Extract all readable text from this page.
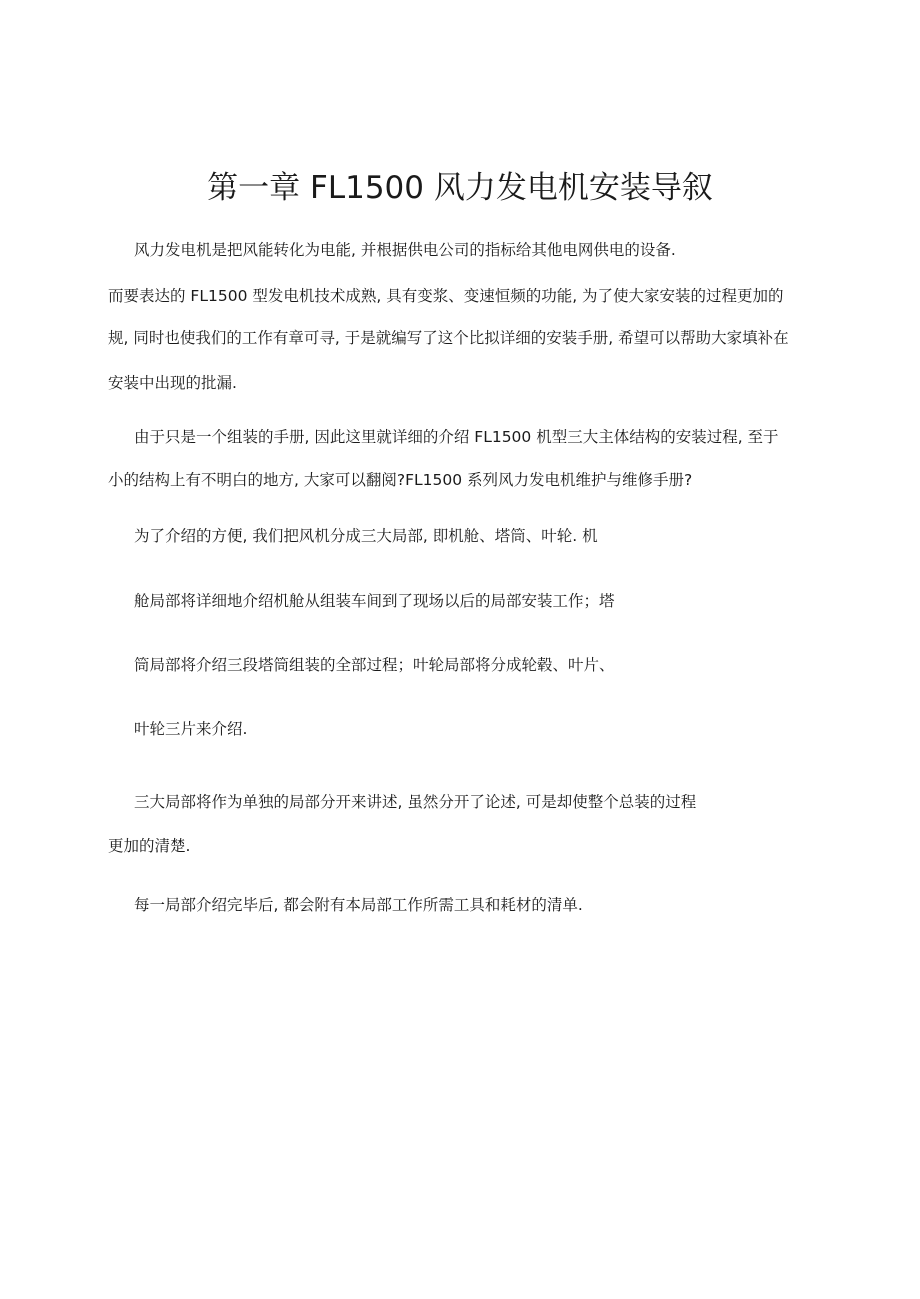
第一章 FL1500 风力发电机安装导叙

风力发电机是把风能转化为电能, 并根据供电公司的指标给其他电网供电的设备.

而要表达的 FL1500 型发电机技术成熟, 具有变浆、变速恒频的功能, 为了使大家安装的过程更加的

规, 同时也使我们的工作有章可寻, 于是就编写了这个比拟详细的安装手册, 希望可以帮助大家填补在

安装中出现的批漏.

由于只是一个组装的手册, 因此这里就详细的介绍 FL1500 机型三大主体结构的安装过程, 至于

小的结构上有不明白的地方, 大家可以翻阅?FL1500 系列风力发电机维护与维修手册?

为了介绍的方便, 我们把风机分成三大局部, 即机舱、塔筒、叶轮. 机

舱局部将详细地介绍机舱从组装车间到了现场以后的局部安装工作；塔

筒局部将介绍三段塔筒组装的全部过程；叶轮局部将分成轮毂、叶片、

叶轮三片来介绍.

三大局部将作为单独的局部分开来讲述, 虽然分开了论述, 可是却使整个总装的过程

更加的清楚.

每一局部介绍完毕后, 都会附有本局部工作所需工具和耗材的清单.
